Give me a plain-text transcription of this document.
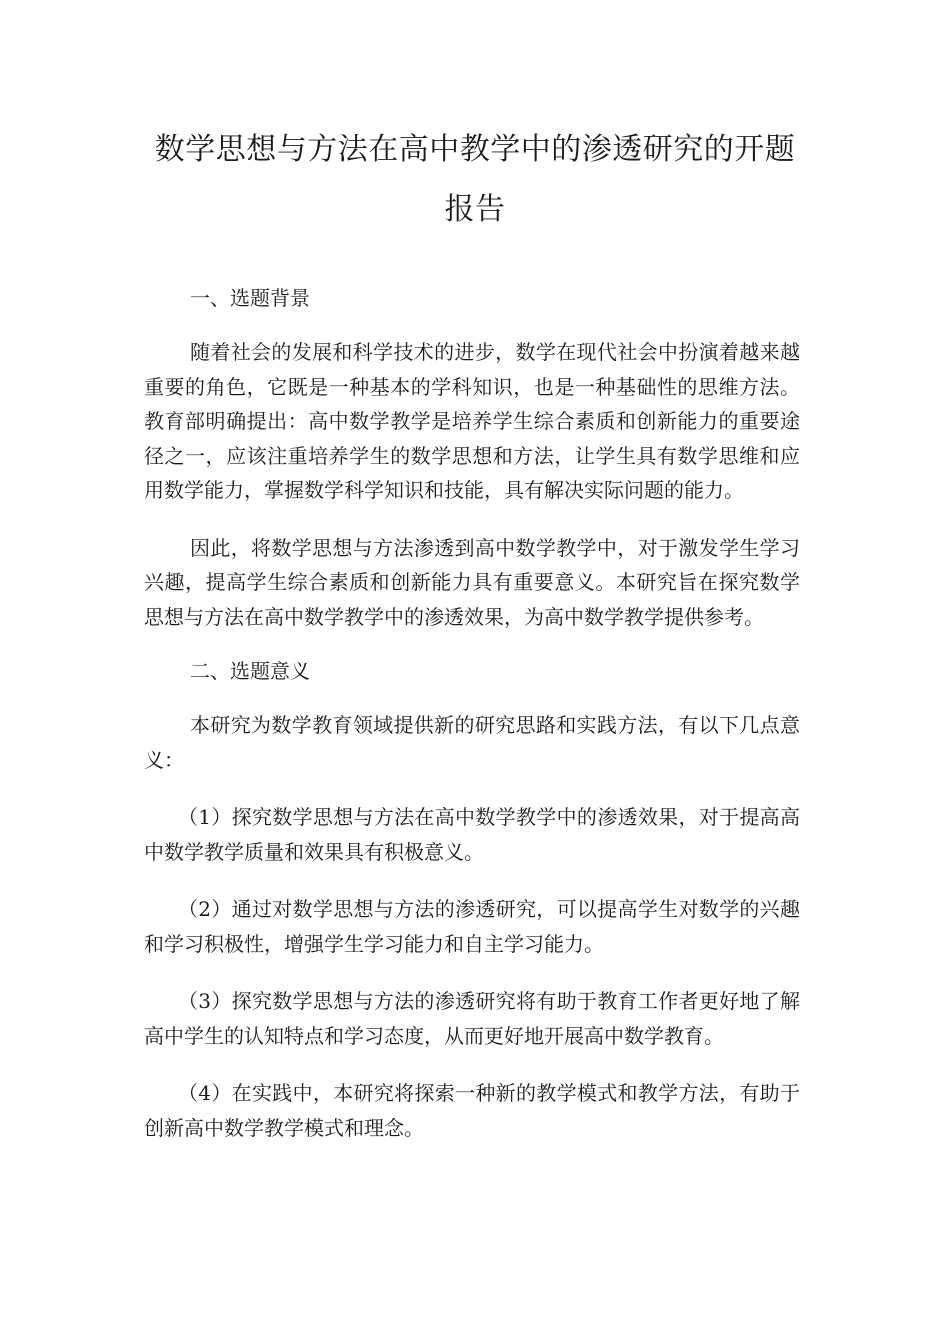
数学思想与方法在高中教学中的渗透研究的开题报告

一、选题背景

随着社会的发展和科学技术的进步，数学在现代社会中扮演着越来越重要的角色，它既是一种基本的学科知识，也是一种基础性的思维方法。教育部明确提出：高中数学教学是培养学生综合素质和创新能力的重要途径之一，应该注重培养学生的数学思想和方法，让学生具有数学思维和应用数学能力，掌握数学科学知识和技能，具有解决实际问题的能力。

因此，将数学思想与方法渗透到高中数学教学中，对于激发学生学习兴趣，提高学生综合素质和创新能力具有重要意义。本研究旨在探究数学思想与方法在高中数学教学中的渗透效果，为高中数学教学提供参考。

二、选题意义

本研究为数学教育领域提供新的研究思路和实践方法，有以下几点意义：

（1）探究数学思想与方法在高中数学教学中的渗透效果，对于提高高中数学教学质量和效果具有积极意义。

（2）通过对数学思想与方法的渗透研究，可以提高学生对数学的兴趣和学习积极性，增强学生学习能力和自主学习能力。

（3）探究数学思想与方法的渗透研究将有助于教育工作者更好地了解高中学生的认知特点和学习态度，从而更好地开展高中数学教育。

（4）在实践中，本研究将探索一种新的教学模式和教学方法，有助于创新高中数学教学模式和理念。
